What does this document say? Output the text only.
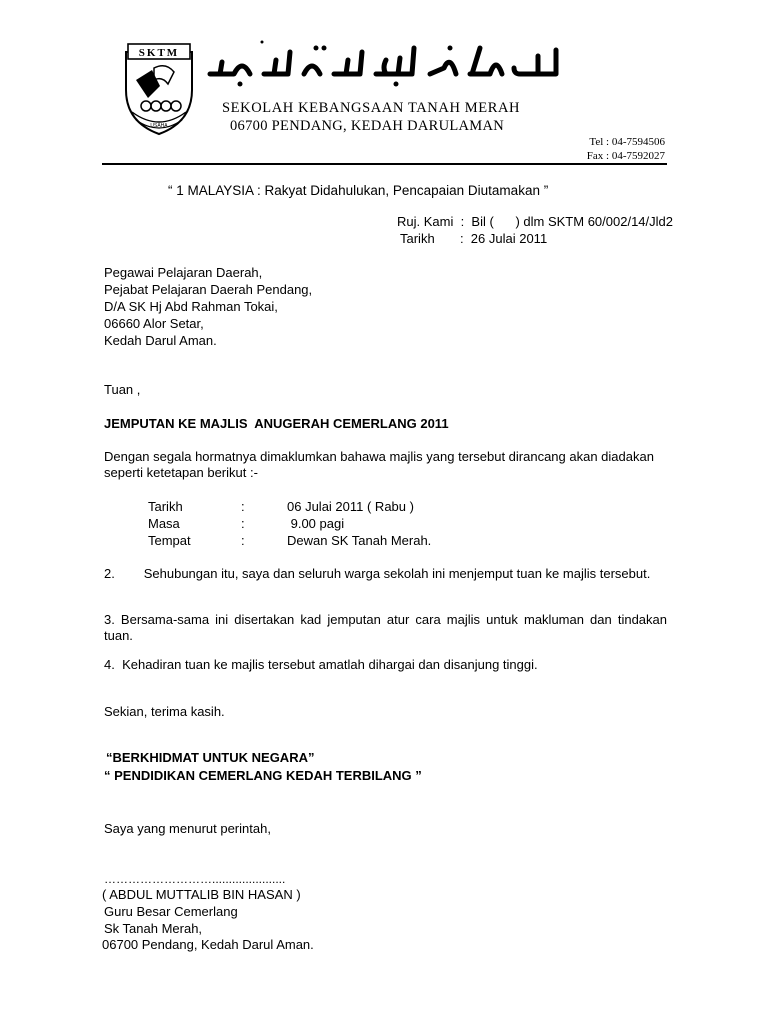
SKTM
USAHA
SEKOLAH KEBANGSAAN TANAH MERAH
06700 PENDANG, KEDAH DARULAMAN
Tel : 04-7594506
Fax : 04-7592027
“ 1 MALAYSIA : Rakyat Didahulukan, Pencapaian Diutamakan ”
Ruj. Kami  :  Bil (      ) dlm SKTM 60/002/14/Jld2
Tarikh       :  26 Julai 2011
Pegawai Pelajaran Daerah,
Pejabat Pelajaran Daerah Pendang,
D/A SK Hj Abd Rahman Tokai,
06660 Alor Setar,
Kedah Darul Aman.
Tuan ,
JEMPUTAN KE MAJLIS  ANUGERAH CEMERLANG 2011
Dengan segala hormatnya dimaklumkan bahawa majlis yang tersebut dirancang akan diadakan seperti ketetapan berikut :-
Tarikh	:	06 Julai 2011 ( Rabu )
Masa	:	9.00 pagi
Tempat	:	Dewan SK Tanah Merah.
2.        Sehubungan itu, saya dan seluruh warga sekolah ini menjemput tuan ke majlis tersebut.
3. Bersama-sama ini disertakan kad jemputan atur cara majlis untuk makluman dan tindakan tuan.
4.  Kehadiran tuan ke majlis tersebut amatlah dihargai dan disanjung tinggi.
Sekian, terima kasih.
“BERKHIDMAT UNTUK NEGARA”
“ PENDIDIKAN CEMERLANG KEDAH TERBILANG ”
Saya yang menurut perintah,
………………………......................
( ABDUL MUTTALIB BIN HASAN )
Guru Besar Cemerlang
Sk Tanah Merah,
06700 Pendang, Kedah Darul Aman.
